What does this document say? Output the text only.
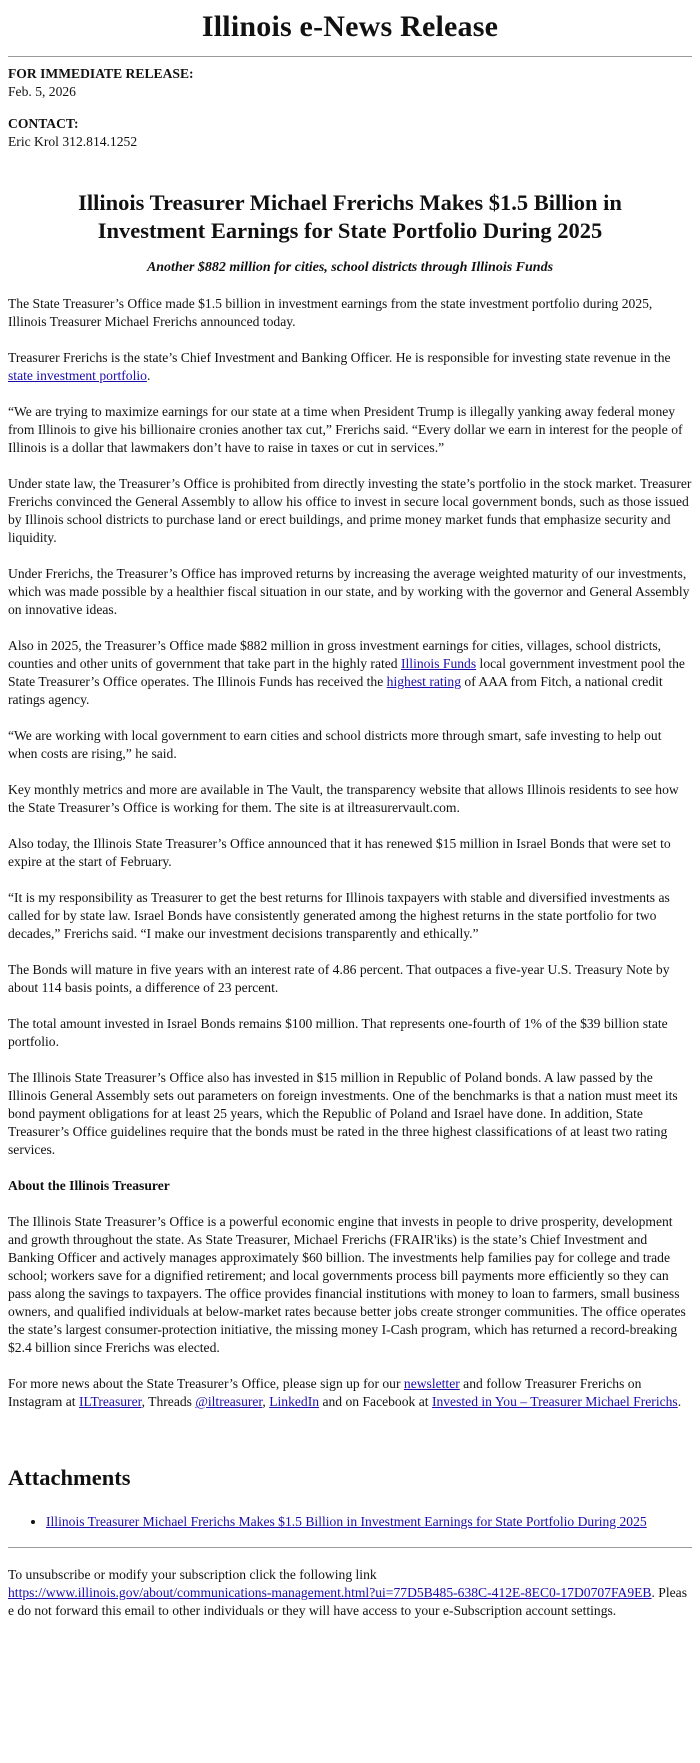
Illinois e-News Release

FOR IMMEDIATE RELEASE:

Feb. 5, 2026

CONTACT:

Eric Krol 312.814.1252

Illinois Treasurer Michael Frerichs Makes $1.5 Billion in Investment Earnings for State Portfolio During 2025
Another $882 million for cities, school districts through Illinois Funds

The State Treasurer’s Office made $1.5 billion in investment earnings from the state investment portfolio during 2025, Illinois Treasurer Michael Frerichs announced today.

Treasurer Frerichs is the state’s Chief Investment and Banking Officer. He is responsible for investing state revenue in the state investment portfolio.

“We are trying to maximize earnings for our state at a time when President Trump is illegally yanking away federal money from Illinois to give his billionaire cronies another tax cut,” Frerichs said. “Every dollar we earn in interest for the people of Illinois is a dollar that lawmakers don’t have to raise in taxes or cut in services.”

Under state law, the Treasurer’s Office is prohibited from directly investing the state’s portfolio in the stock market. Treasurer Frerichs convinced the General Assembly to allow his office to invest in secure local government bonds, such as those issued by Illinois school districts to purchase land or erect buildings, and prime money market funds that emphasize security and liquidity.

Under Frerichs, the Treasurer’s Office has improved returns by increasing the average weighted maturity of our investments, which was made possible by a healthier fiscal situation in our state, and by working with the governor and General Assembly on innovative ideas.

Also in 2025, the Treasurer’s Office made $882 million in gross investment earnings for cities, villages, school districts, counties and other units of government that take part in the highly rated Illinois Funds local government investment pool the State Treasurer’s Office operates. The Illinois Funds has received the highest rating of AAA from Fitch, a national credit ratings agency.

“We are working with local government to earn cities and school districts more through smart, safe investing to help out when costs are rising,” he said.

Key monthly metrics and more are available in The Vault, the transparency website that allows Illinois residents to see how the State Treasurer’s Office is working for them. The site is at iltreasurervault.com.

Also today, the Illinois State Treasurer’s Office announced that it has renewed $15 million in Israel Bonds that were set to expire at the start of February.

“It is my responsibility as Treasurer to get the best returns for Illinois taxpayers with stable and diversified investments as called for by state law. Israel Bonds have consistently generated among the highest returns in the state portfolio for two decades,” Frerichs said. “I make our investment decisions transparently and ethically.”

The Bonds will mature in five years with an interest rate of 4.86 percent. That outpaces a five-year U.S. Treasury Note by about 114 basis points, a difference of 23 percent.

The total amount invested in Israel Bonds remains $100 million. That represents one-fourth of 1% of the $39 billion state portfolio.

The Illinois State Treasurer’s Office also has invested in $15 million in Republic of Poland bonds. A law passed by the Illinois General Assembly sets out parameters on foreign investments. One of the benchmarks is that a nation must meet its bond payment obligations for at least 25 years, which the Republic of Poland and Israel have done. In addition, State Treasurer’s Office guidelines require that the bonds must be rated in the three highest classifications of at least two rating services.

About the Illinois Treasurer

The Illinois State Treasurer’s Office is a powerful economic engine that invests in people to drive prosperity, development and growth throughout the state. As State Treasurer, Michael Frerichs (FRAIR'iks) is the state’s Chief Investment and Banking Officer and actively manages approximately $60 billion. The investments help families pay for college and trade school; workers save for a dignified retirement; and local governments process bill payments more efficiently so they can pass along the savings to taxpayers. The office provides financial institutions with money to loan to farmers, small business owners, and qualified individuals at below-market rates because better jobs create stronger communities. The office operates the state’s largest consumer-protection initiative, the missing money I-Cash program, which has returned a record-breaking $2.4 billion since Frerichs was elected.

For more news about the State Treasurer’s Office, please sign up for our newsletter and follow Treasurer Frerichs on Instagram at ILTreasurer, Threads @iltreasurer, LinkedIn and on Facebook at Invested in You – Treasurer Michael Frerichs.

Attachments
• Illinois Treasurer Michael Frerichs Makes $1.5 Billion in Investment Earnings for State Portfolio During 2025

To unsubscribe or modify your subscription click the following link
https://www.illinois.gov/about/communications-management.html?ui=77D5B485-638C-412E-8EC0-17D0707FA9EB. Please do not forward this email to other individuals or they will have access to your e-Subscription account settings.
